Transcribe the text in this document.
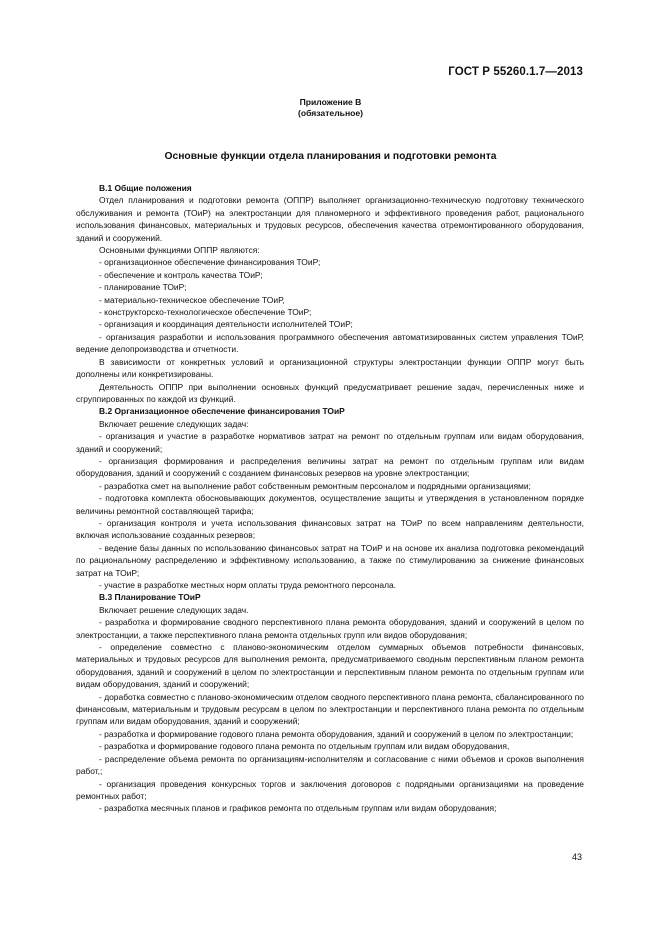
ГОСТ Р 55260.1.7—2013
Приложение В
(обязательное)
Основные функции отдела планирования и подготовки ремонта

В.1 Общие положения

Отдел планирования и подготовки ремонта (ОППР) выполняет организационно-техническую подготовку технического обслуживания и ремонта (ТОиР) на электростанции для планомерного и эффективного проведения работ, рационального использования финансовых, материальных и трудовых ресурсов, обеспечения качества отремонтированного оборудования, зданий и сооружений.

Основными функциями ОППР являются:

- организационное обеспечение финансирования ТОиР;

- обеспечение и контроль качества ТОиР;

- планирование ТОиР;

- материально-техническое обеспечение ТОиР,

- конструкторско-технологическое обеспечение ТОиР;

- организация и координация деятельности исполнителей ТОиР;

- организация разработки и использования программного обеспечения автоматизированных систем управления ТОиР, ведение делопроизводства и отчетности.

В зависимости от конкретных условий и организационной структуры электростанции функции ОППР могут быть дополнены или конкретизированы.

Деятельность ОППР при выполнении основных функций предусматривает решение задач, перечисленных ниже и сгруппированных по каждой из функций.

В.2 Организационное обеспечение финансирования ТОиР

Включает решение следующих задач:

- организация и участие в разработке нормативов затрат на ремонт по отдельным группам или видам оборудования, зданий и сооружений;

- организация формирования и распределения величины затрат на ремонт по отдельным группам или видам оборудования, зданий и сооружений с созданием финансовых резервов на уровне электростанции;

- разработка смет на выполнение работ собственным ремонтным персоналом и подрядными организациями;

- подготовка комплекта обосновывающих документов, осуществление защиты и утверждения в установленном порядке величины ремонтной составляющей тарифа;

- организация контроля и учета использования финансовых затрат на ТОиР по всем направлениям деятельности, включая использование созданных резервов;

- ведение базы данных по использованию финансовых затрат на ТОиР и на основе их анализа подготовка рекомендаций по рациональному распределению и эффективному использованию, а также по стимулированию за снижение финансовых затрат на ТОиР;

- участие в разработке местных норм оплаты труда ремонтного персонала.

В.3 Планирование ТОиР

Включает решение следующих задач.

- разработка и формирование сводного перспективного плана ремонта оборудования, зданий и сооружений в целом по электростанции, а также перспективного плана ремонта отдельных групп или видов оборудования;

- определение совместно с планово-экономическим отделом суммарных объемов потребности финансовых, материальных и трудовых ресурсов для выполнения ремонта, предусматриваемого сводным перспективным планом ремонта оборудования, зданий и сооружений в целом по электростанции и перспективным планом ремонта по отдельным группам или видам оборудования, зданий и сооружений;

- доработка совместно с планово-экономическим отделом сводного перспективного плана ремонта, сбалансированного по финансовым, материальным и трудовым ресурсам в целом по электростанции и перспективного плана ремонта по отдельным группам или видам оборудования, зданий и сооружений;

- разработка и формирование годового плана ремонта оборудования, зданий и сооружений в целом по электростанции;

- разработка и формирование годового плана ремонта по отдельным группам или видам оборудования,

- распределение объема ремонта по организациям-исполнителям и согласование с ними объемов и сроков выполнения работ,;

- организация проведения конкурсных торгов и заключения договоров с подрядными организациями на проведение ремонтных работ;

- разработка месячных планов и графиков ремонта по отдельным группам или видам оборудования;

43
